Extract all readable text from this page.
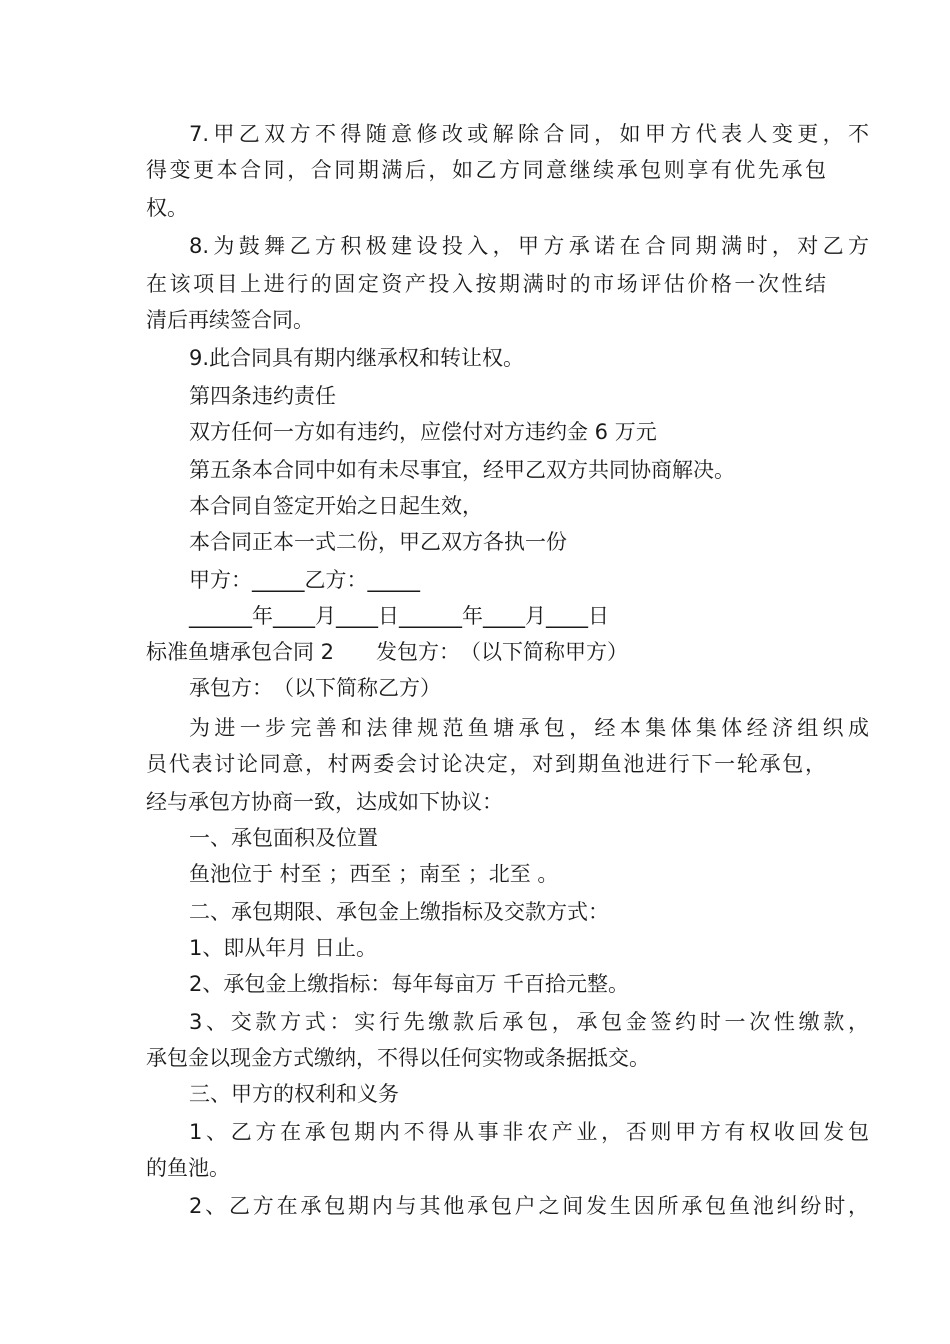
7.甲乙双方不得随意修改或解除合同，如甲方代表人变更，不
得变更本合同，合同期满后，如乙方同意继续承包则享有优先承包
权。
8.为鼓舞乙方积极建设投入，甲方承诺在合同期满时，对乙方
在该项目上进行的固定资产投入按期满时的市场评估价格一次性结
清后再续签合同。
9.此合同具有期内继承权和转让权。
第四条违约责任
双方任何一方如有违约，应偿付对方违约金 6 万元
第五条本合同中如有未尽事宜，经甲乙双方共同协商解决。
本合同自签定开始之日起生效，
本合同正本一式二份，甲乙双方各执一份
甲方：_____乙方：_____
______年____月____日______年____月____日
标准鱼塘承包合同 2　　发包方：　（以下简称甲方）
承包方：　（以下简称乙方）
为进一步完善和法律规范鱼塘承包，经本集体集体经济组织成
员代表讨论同意，村两委会讨论决定，对到期鱼池进行下一轮承包，
经与承包方协商一致，达成如下协议：
一、承包面积及位置
鱼池位于 村至 ；西至 ；南至 ；北至 。
二、承包期限、承包金上缴指标及交款方式：
1、即从年月 日止。
2、承包金上缴指标：每年每亩万 千百拾元整。
3、交款方式：实行先缴款后承包，承包金签约时一次性缴款，
承包金以现金方式缴纳，不得以任何实物或条据抵交。
三、甲方的权利和义务
1、乙方在承包期内不得从事非农产业，否则甲方有权收回发包
的鱼池。
2、乙方在承包期内与其他承包户之间发生因所承包鱼池纠纷时，
